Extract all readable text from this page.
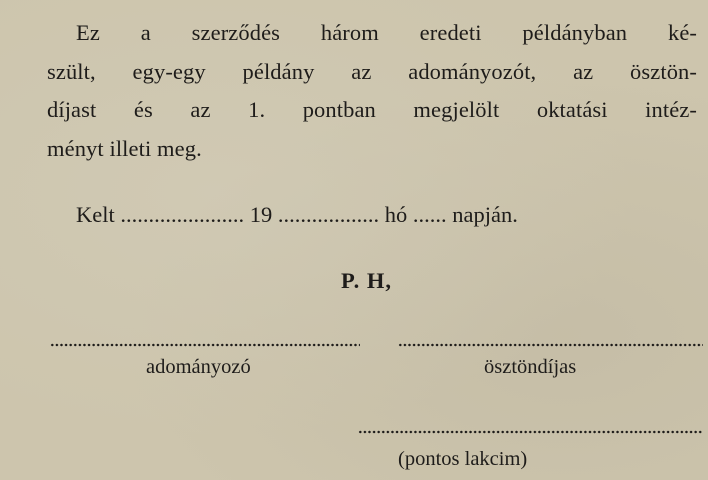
Ez a szerződés három eredeti példányban ké-
szült, egy-egy példány az adományozót, az ösztön-
díjast és az 1. pontban megjelölt oktatási intéz-
ményt illeti meg.
Kelt ...................... 19 .................. hó ...... napján.
P. H,
adományozó	ösztöndíjas
(pontos lakcim)
